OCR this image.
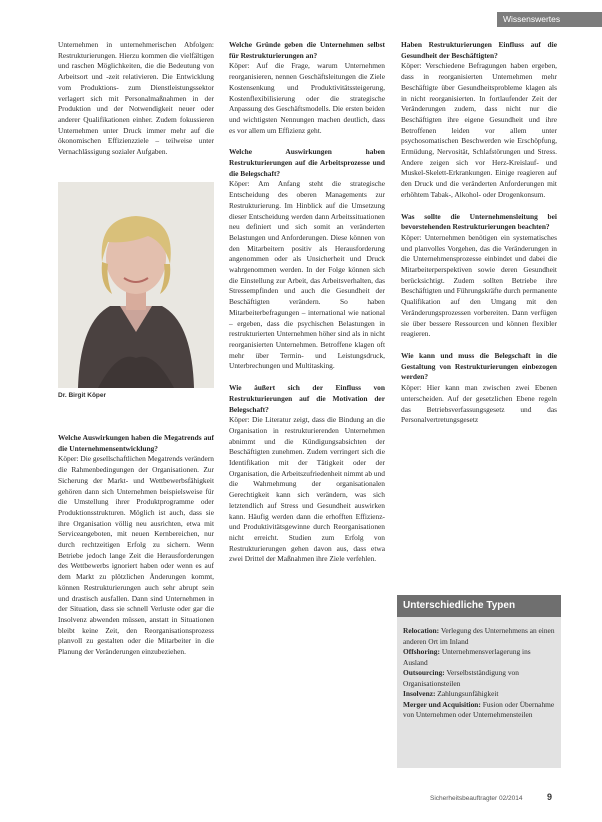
Wissenswertes

Unternehmen in unternehmerischen Abfolgen: Restrukturierungen. Hierzu kommen die vielfältigen und raschen Möglichkeiten, die die Bedeutung von Arbeitsort und -zeit relativieren. Die Entwicklung vom Produktions- zum Dienstleistungssektor verlagert sich mit Personalmaßnahmen in der Produktion und der Notwendigkeit neuer oder anderer Qualifikationen einher. Zudem fokussieren Unternehmen unter Druck immer mehr auf die ökonomischen Effizienzziele – teilweise unter Vernachlässigung sozialer Aufgaben.

Dr. Birgit Köper

Welche Auswirkungen haben die Megatrends auf die Unternehmensentwicklung?

Köper: Die gesellschaftlichen Megatrends verändern die Rahmenbedingungen der Organisationen. Zur Sicherung der Markt- und Wettbewerbsfähigkeit gehören dann sich Unternehmen beispielsweise für die Umstellung ihrer Produktprogramme oder Produktionsstrukturen. Möglich ist auch, dass sie ihre Organisation völlig neu ausrichten, etwa mit Serviceangeboten, mit neuen Kernbereichen, nur durch rechtzeitigen Erfolg zu sichern. Wenn Betriebe jedoch lange Zeit die Herausforderungen des Wettbewerbs ignoriert haben oder wenn es auf dem Markt zu plötzlichen Änderungen kommt, können Restrukturierungen auch sehr abrupt sein und drastisch ausfallen. Dann sind Unternehmen in der Situation, dass sie schnell Verluste oder gar die Insolvenz abwenden müssen, anstatt in Situationen bleibt keine Zeit, den Reorganisationsprozess planvoll zu gestalten oder die Mitarbeiter in die Planung der Veränderungen einzubeziehen.

Welche Gründe geben die Unternehmen selbst für Restrukturierungen an?

Köper: Auf die Frage, warum Unternehmen reorganisieren, nennen Geschäftsleitungen die Ziele Kostensenkung und Produktivitätssteigerung, Kostenflexibilisierung oder die strategische Anpassung des Geschäftsmodells. Die ersten beiden und wichtigsten Nennungen machen deutlich, dass es vor allem um Effizienz geht.

Welche Auswirkungen haben Restrukturierungen auf die Arbeitsprozesse und die Belegschaft?

Köper: Am Anfang steht die strategische Entscheidung des oberen Managements zur Restrukturierung. Im Hinblick auf die Umsetzung dieser Entscheidung werden dann Arbeitssituationen neu definiert und sich somit an veränderten Belastungen und Anforderungen. Diese können von den Mitarbeitern positiv als Herausforderung angenommen oder als Unsicherheit und Druck wahrgenommen werden. In der Folge können sich die Einstellung zur Arbeit, das Arbeitsverhalten, das Stressempfinden und auch die Gesundheit der Beschäftigten verändern. So haben Mitarbeiterbefragungen – international wie national – ergeben, dass die psychischen Belastungen in restrukturierten Unternehmen höher sind als in nicht reorganisierten Unternehmen. Betroffene klagen oft mehr über Termin- und Leistungsdruck, Unterbrechungen und Multitasking.

Wie äußert sich der Einfluss von Restrukturierungen auf die Motivation der Belegschaft?

Köper: Die Literatur zeigt, dass die Bindung an die Organisation in restrukturierenden Unternehmen abnimmt und die Kündigungsabsichten der Beschäftigten zunehmen. Zudem verringert sich die Identifikation mit der Tätigkeit oder der Organisation, die Arbeitszufriedenheit nimmt ab und die Wahrnehmung der organisationalen Gerechtigkeit kann sich verändern, was sich letztendlich auf Stress und Gesundheit auswirken kann. Häufig werden dann die erhofften Effizienz- und Produktivitätsgewinne durch Reorganisationen nicht erreicht. Studien zum Erfolg von Restrukturierungen gehen davon aus, dass etwa zwei Drittel der Maßnahmen ihre Ziele verfehlen.

Haben Restrukturierungen Einfluss auf die Gesundheit der Beschäftigten?

Köper: Verschiedene Befragungen haben ergeben, dass in reorganisierten Unternehmen mehr Beschäftigte über Gesundheitsprobleme klagen als in nicht reorganisierten. In fortlaufender Zeit der Veränderungen zudem, dass nicht nur die Beschäftigten ihre eigene Gesundheit und ihre Betroffenen leiden vor allem unter psychosomatischen Beschwerden wie Erschöpfung, Ermüdung, Nervosität, Schlafstörungen und Stress. Andere zeigen sich vor Herz-Kreislauf- und Muskel-Skelett-Erkrankungen. Einige reagieren auf den Druck und die veränderten Anforderungen mit erhöhtem Tabak-, Alkohol- oder Drogenkonsum.

Was sollte die Unternehmensleitung bei bevorstehenden Restrukturierungen beachten?

Köper: Unternehmen benötigen ein systematisches und planvolles Vorgehen, das die Veränderungen in die Unternehmensprozesse einbindet und dabei die Mitarbeiterperspektiven sowie deren Gesundheit berücksichtigt. Zudem sollten Betriebe ihre Beschäftigten und Führungskräfte durch permanente Qualifikation auf den Umgang mit den Veränderungsprozessen vorbereiten. Dann verfügen sie über bessere Ressourcen und können flexibler reagieren.

Wie kann und muss die Belegschaft in die Gestaltung von Restrukturierungen einbezogen werden?

Köper: Hier kann man zwischen zwei Ebenen unterscheiden. Auf der gesetzlichen Ebene regeln das Betriebsverfassungsgesetz und das Personalvertretungsgesetz

Unterschiedliche Typen

Relocation: Verlegung des Unternehmens an einen anderen Ort im Inland

Offshoring: Unternehmensverlagerung ins Ausland

Outsourcing: Verselbstständigung von Organisationsteilen

Insolvenz: Zahlungsunfähigkeit

Merger und Acquisition: Fusion oder Übernahme von Unternehmen oder Unternehmensteilen

Sicherheitsbeauftragter 02/2014	9
